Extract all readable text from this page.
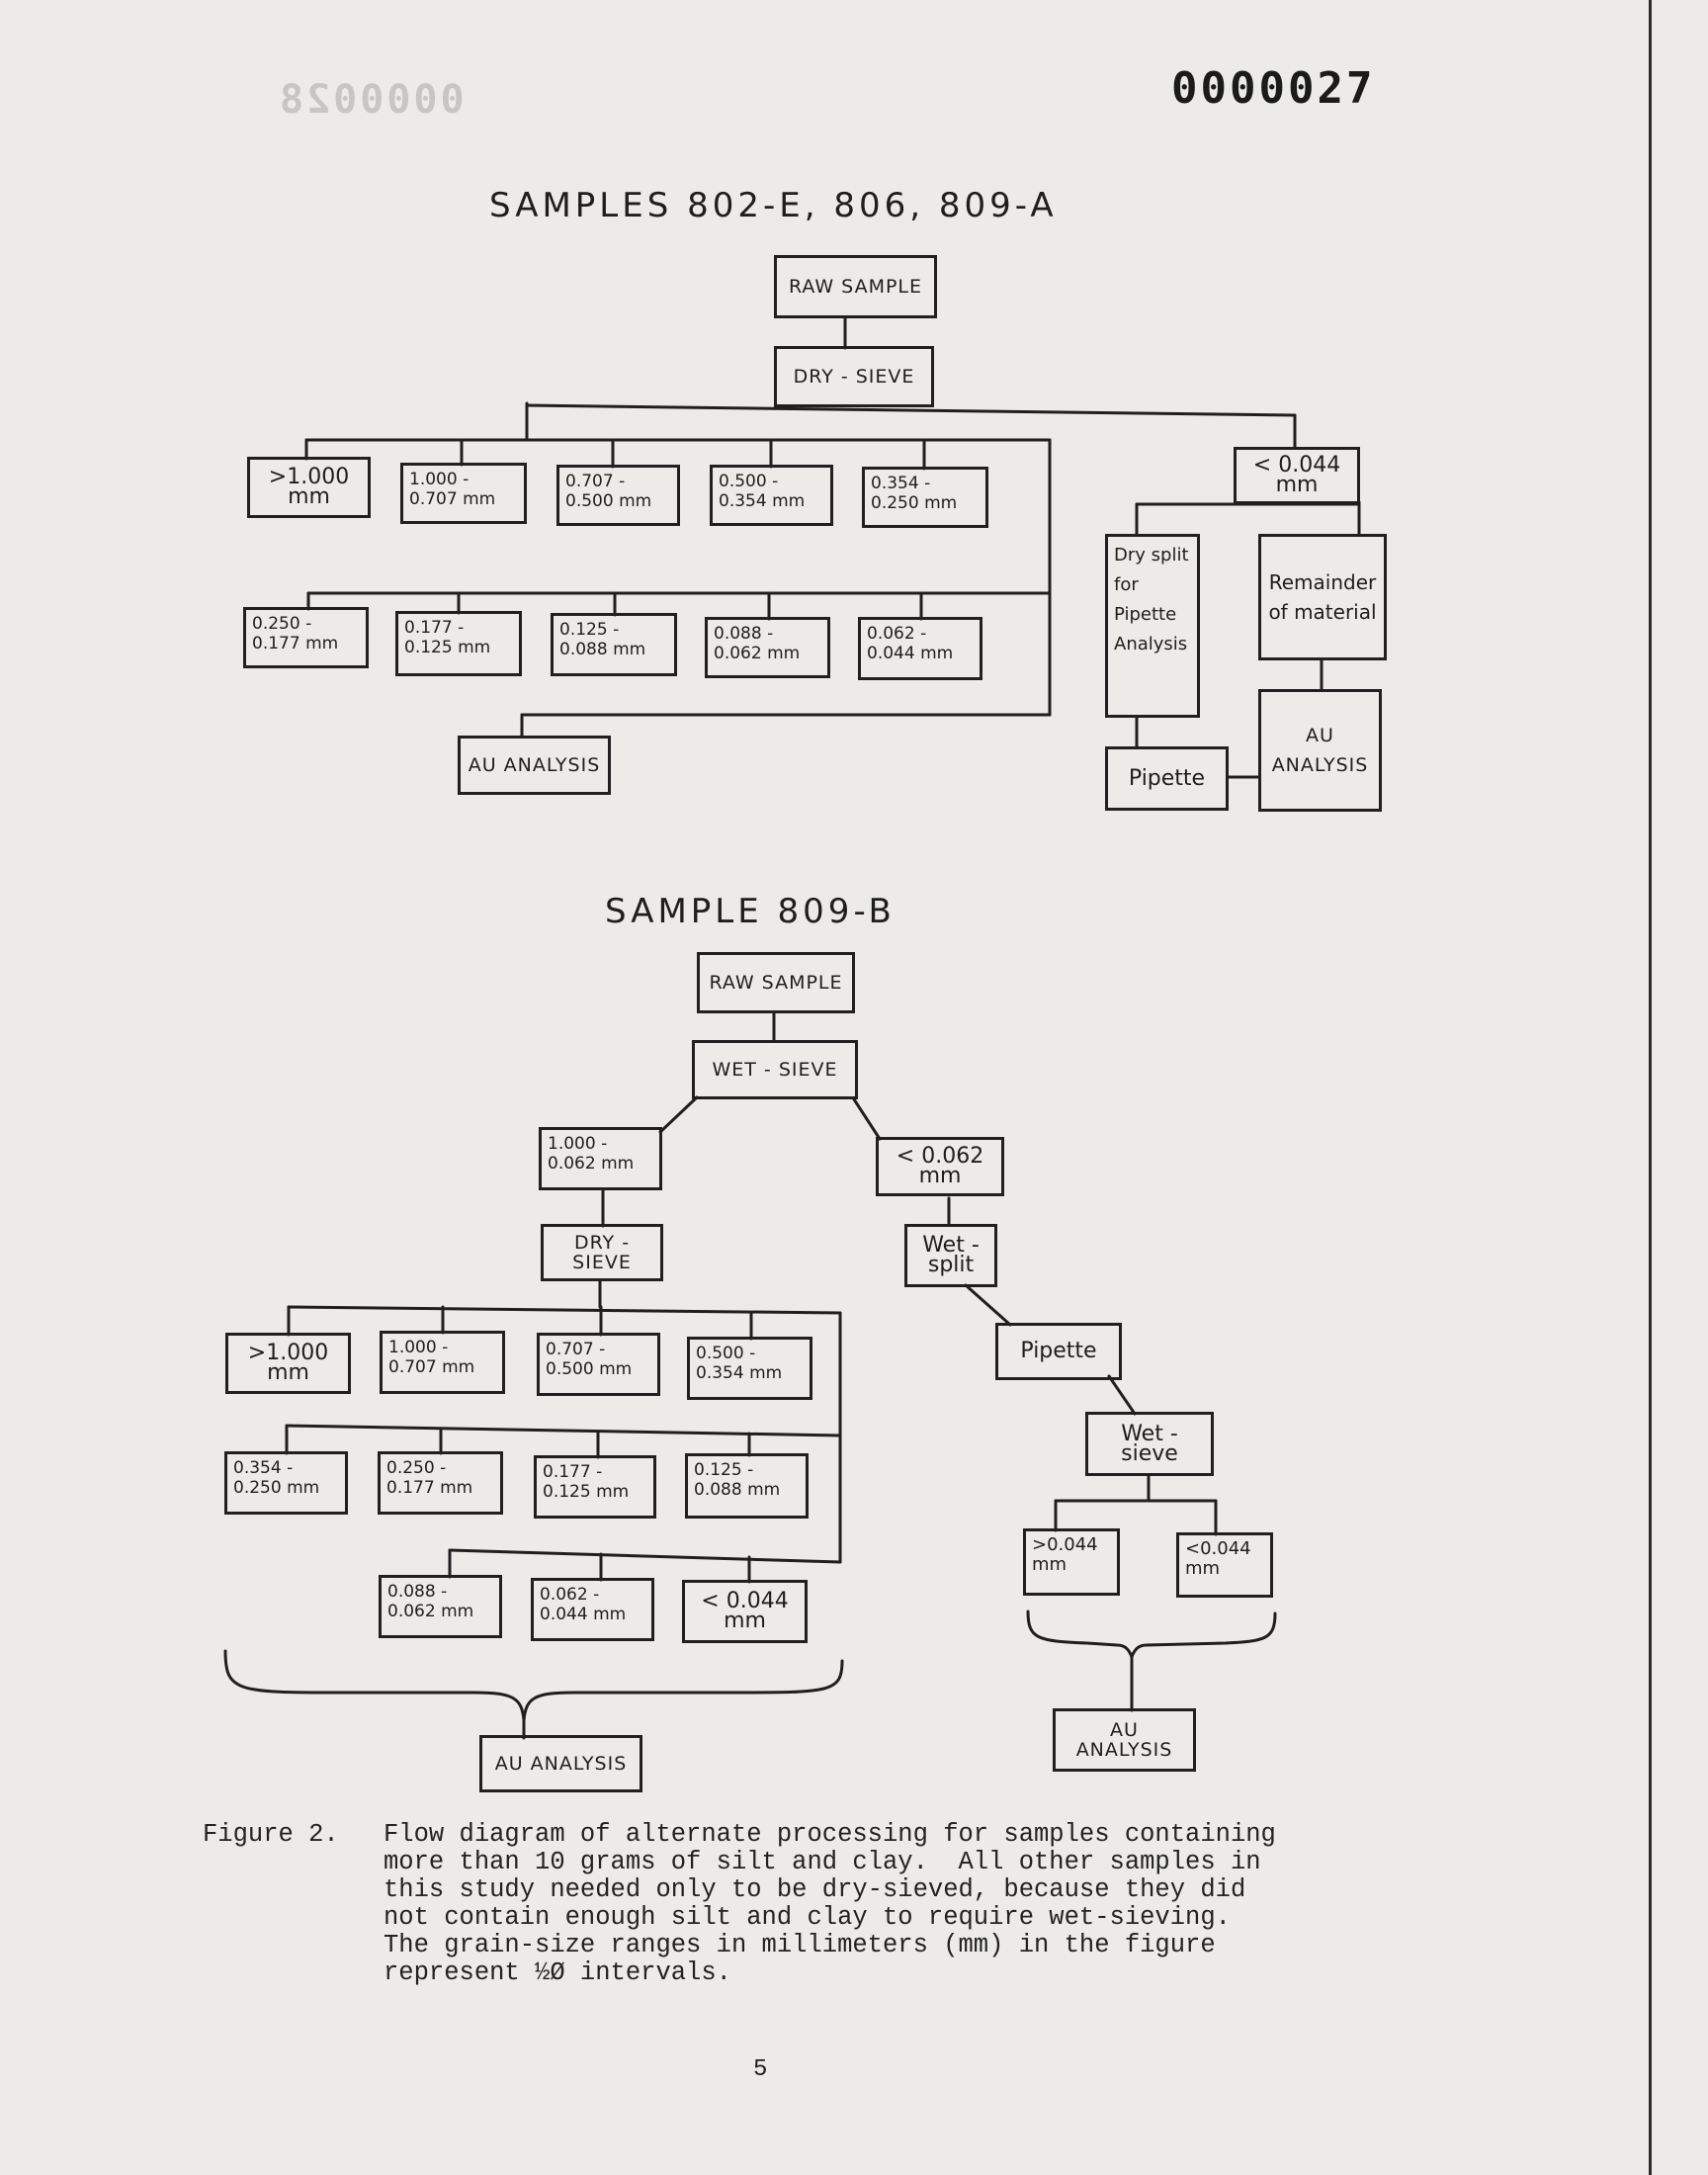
0000028	0000027
SAMPLES 802-E, 806, 809-A
RAW SAMPLE
DRY - SIEVE
>1.000 mm
1.000 - 0.707 mm
0.707 - 0.500 mm
0.500 - 0.354 mm
0.354 - 0.250 mm
0.250 - 0.177 mm
0.177 - 0.125 mm
0.125 - 0.088 mm
0.088 - 0.062 mm
0.062 - 0.044 mm
AU ANALYSIS
< 0.044 mm
Dry split for Pipette Analysis
Remainder of material
AU ANALYSIS
Pipette
SAMPLE 809-B
RAW SAMPLE
WET - SIEVE
1.000 - 0.062 mm	< 0.062 mm
DRY - SIEVE
Wet - split
Pipette
Wet - sieve
>1.000 mm
1.000 - 0.707 mm
0.707 - 0.500 mm
0.500 - 0.354 mm
0.354 - 0.250 mm
0.250 - 0.177 mm
0.177 - 0.125 mm
0.125 - 0.088 mm
0.088 - 0.062 mm
0.062 - 0.044 mm
< 0.044 mm
>0.044 mm
<0.044 mm
AU ANALYSIS
AU ANALYSIS
Figure 2.	Flow diagram of alternate processing for samples containing
more than 10 grams of silt and clay.  All other samples in
this study needed only to be dry-sieved, because they did
not contain enough silt and clay to require wet-sieving.
The grain-size ranges in millimeters (mm) in the figure
represent ½Ø intervals.
5
